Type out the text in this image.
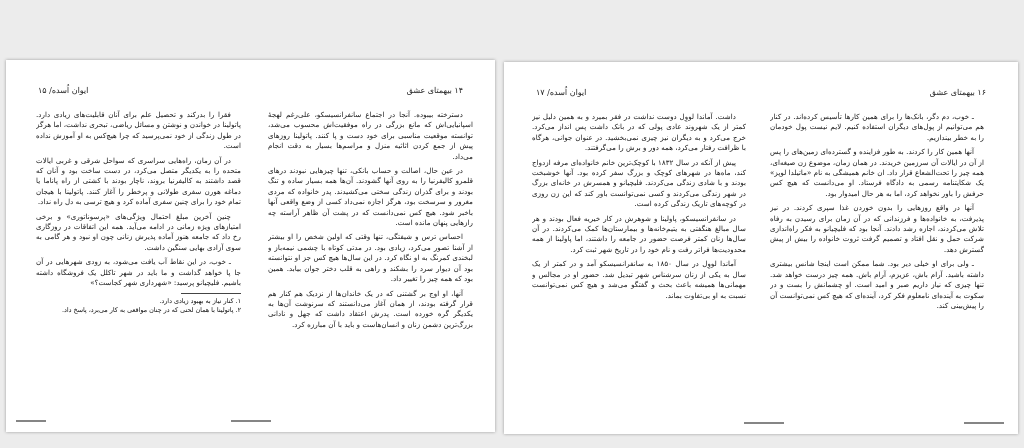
۱۴ بیهمتای عشق
ایوان اُسده/ ۱۵

دسترخته بیبوده. آنجا در اجتماع سانفرانسیسکو، علی‌رغم لهجهٔ اسپانیایی‌اش که مانع بزرگی در راه موفقیت‌اش محسوب می‌شد، توانسته موقعیت مناسبی برای خود دست و پا کنند. پاتولینا روزهای پیش از جمع کردن اثاثیه منزل و مراسم‌ها بسیار به دقت انجام می‌داد.

در عین حال، اصالت و حساب بانکی، تنها چیزهایی نبودند درهای قلمرو کالیفرنیا را به روی آنها گشودند. آن‌ها همه بسیار ساده و تنگ بودند و برای گذران زندگی سختی می‌کشیدند. پدر خانواده که مردی مغرور و سرسخت بود، هرگز اجازه نمی‌داد کسی از وضع واقعی آنها باخبر شود. هیچ کس نمی‌دانست که در پشت آن ظاهر آراسته چه رازهایی پنهان مانده است.

احساس ترس و شیفتگی، تنها وقتی که اولین شخص را او بیشتر از آشنا تصور می‌کرد، زیادی بود. در مدتی کوتاه با چشمی نیمه‌باز و لبخندی کمرنگ به او نگاه کرد. در این سال‌ها هیچ کس جز او نتوانسته بود آن دیوار سرد را بشکند و راهی به قلب دختر جوان بیابد. همین بود که همه چیز را تغییر داد.

آنها، او اوج بر گشتنی که در یک خاندان‌ها از نزدیک هم کنار هم قرار گرفته بودند، از همان آغاز می‌دانستند که سرنوشت آن‌ها به یکدیگر گره خورده است. پدرش اعتقاد داشت که جهل و نادانی بزرگ‌ترین دشمن زنان و انسان‌هاست و باید با آن مبارزه کرد.

فقرا را بدرکند و تحصیل علم برای آنان قابلیت‌های زیادی دارد. پاتولینا در خواندن و نوشتن و مسائل ریاضی، تبحری نداشت، اما هرگز در طول زندگی از خود نمی‌پرسید که چرا هیچ‌کس به او آموزش نداده است.

در آن زمان، راه‌هایی سراسری که سواحل شرقی و غربی ایالات متحده را به یکدیگر متصل می‌کرد، در دست ساخت بود و آنان که قصد داشتند به کالیفرنیا بروند، ناچار بودند با کشتی از راه پاناما یا دماغه هورن سفری طولانی و پرخطر را آغاز کنند. پاتولینا با هیجان تمام خود را برای چنین سفری آماده کرد و هیچ ترسی به دل راه نداد.

چنین آخرین مبلغ احتمال ویژگی‌های «پرسوناتوری» و برخی امتیازهای ویژه زمانی در ادامه می‌آید. همه این اتفاقات در روزگاری رخ داد که جامعه هنوز آماده پذیرش زنانی چون او نبود و هر گامی به سوی آزادی بهایی سنگین داشت.

ـ خوب، در این نقاط آب یافت می‌شود، به زودی شهرهایی در آن جا پا خواهد گذاشت و ما باید در شهر تاکلل یک فروشگاه داشته باشیم. فلیچیانو پرسید: «شهرداری شهر کجاست؟»

۱. کنار نیاز به بهبود زیادی دارد.
۲. پاتولینا با همان لحنی که در چنان مواقعی به کار می‌برد، پاسخ داد.
۱۶ بیهمتای عشق
ایوان اُسده/ ۱۷

ـ خوب، دم دگر، بانک‌ها را برای همین کارها تأسیس کرده‌اند. در کنار هم می‌توانیم از پول‌های دیگران استفاده کنیم. لایم نیست پول خودمان را به خطر بیندازیم.

آنها همین کار را کردند. به طور فزاینده و گسترده‌ای زمین‌های را پس از آن در ایالات آن سرزمین خریدند. در همان زمان، موضوع زن صیغه‌ای، همه چیز را تحت‌الشعاع قرار داد. ان خانم همیشگی به نام «ماتیلدا لوپز» یک شکایتنامه رسمی به دادگاه فرستاد. او می‌دانست که هیچ کس حرفش را باور نخواهد کرد، اما به هر حال امیدوار بود.

آنها در واقع روزهایی را بدون خوردن غذا سپری کردند. در نیز پذیرفت، به خانواده‌ها و فرزندانی که در آن زمان برای رسیدن به رفاه تلاش می‌کردند، اجازه رشد دادند. آنجا بود که فلیچیانو به فکر راه‌اندازی شرکت حمل و نقل افتاد و تصمیم گرفت ثروت خانواده را بیش از پیش گسترش دهد.

ـ ولی برای او خیلی دیر بود. شما ممکن است اینجا شانس بیشتری داشته باشید. آرام باش، عزیزم، آرام باش. همه چیز درست خواهد شد. تنها چیزی که نیاز داریم صبر و امید است. او چشمانش را بست و در سکوت به آینده‌ای نامعلوم فکر کرد، آینده‌ای که هیچ کس نمی‌توانست آن را پیش‌بینی کند.

داشت. آماندا لووِل دوست نداشت در فقر بمیرد و به همین دلیل نیز کمتر از یک شهروند عادی پولی که در بانک داشت پس انداز می‌کرد. خرج می‌کرد و به دیگران نیز چیزی نمی‌بخشید. در عنوان جوانی، هرگاه با ظرافت رفتار می‌کرد، همه دور و برش را می‌گرفتند.

پیش از آنکه در سال ۱۸۳۲ با کوچک‌ترین خانم خانواده‌ای مرفه ازدواج کند، ماه‌ها در شهرهای کوچک و بزرگ سفر کرده بود. آنها خوشبخت بودند و با شادی زندگی می‌کردند. فلیچیانو و همسرش در خانه‌ای بزرگ در شهر زندگی می‌کردند و کسی نمی‌توانست باور کند که این زن روزی در کوچه‌های تاریک زندگی کرده است.

در سانفرانسیسکو، پاولینا و شوهرش در کار خیریه فعال بودند و هر سال مبالغ هنگفتی به یتیم‌خانه‌ها و بیمارستان‌ها کمک می‌کردند. در آن سال‌ها زنان کمتر فرصت حضور در جامعه را داشتند، اما پاولینا از همه محدودیت‌ها فراتر رفت و نام خود را در تاریخ شهر ثبت کرد.

آماندا لووِل در سال ۱۸۵۰ به سانفرانسیسکو آمد و در کمتر از یک سال به یکی از زنان سرشناس شهر تبدیل شد. حضور او در مجالس و مهمانی‌ها همیشه باعث بحث و گفتگو می‌شد و هیچ کس نمی‌توانست نسبت به او بی‌تفاوت بماند.
